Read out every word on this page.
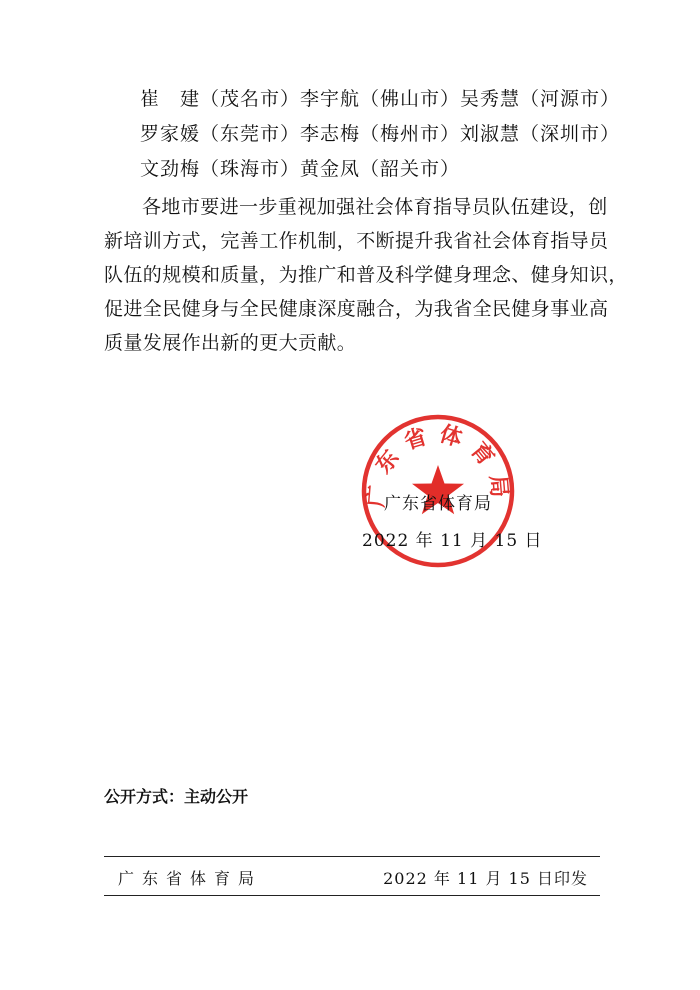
崔　建（茂名市）李宇航（佛山市）吴秀慧（河源市）
罗家媛（东莞市）李志梅（梅州市）刘淑慧（深圳市）
文劲梅（珠海市）黄金凤（韶关市）
各地市要进一步重视加强社会体育指导员队伍建设，创
新培训方式，完善工作机制，不断提升我省社会体育指导员
队伍的规模和质量，为推广和普及科学健身理念、健身知识，
促进全民健身与全民健康深度融合，为我省全民健身事业高
质量发展作出新的更大贡献。
广东省体育局
广东省体育局
2022 年 11 月 15 日
公开方式：主动公开
广东省体育局	2022 年 11 月 15 日印发
